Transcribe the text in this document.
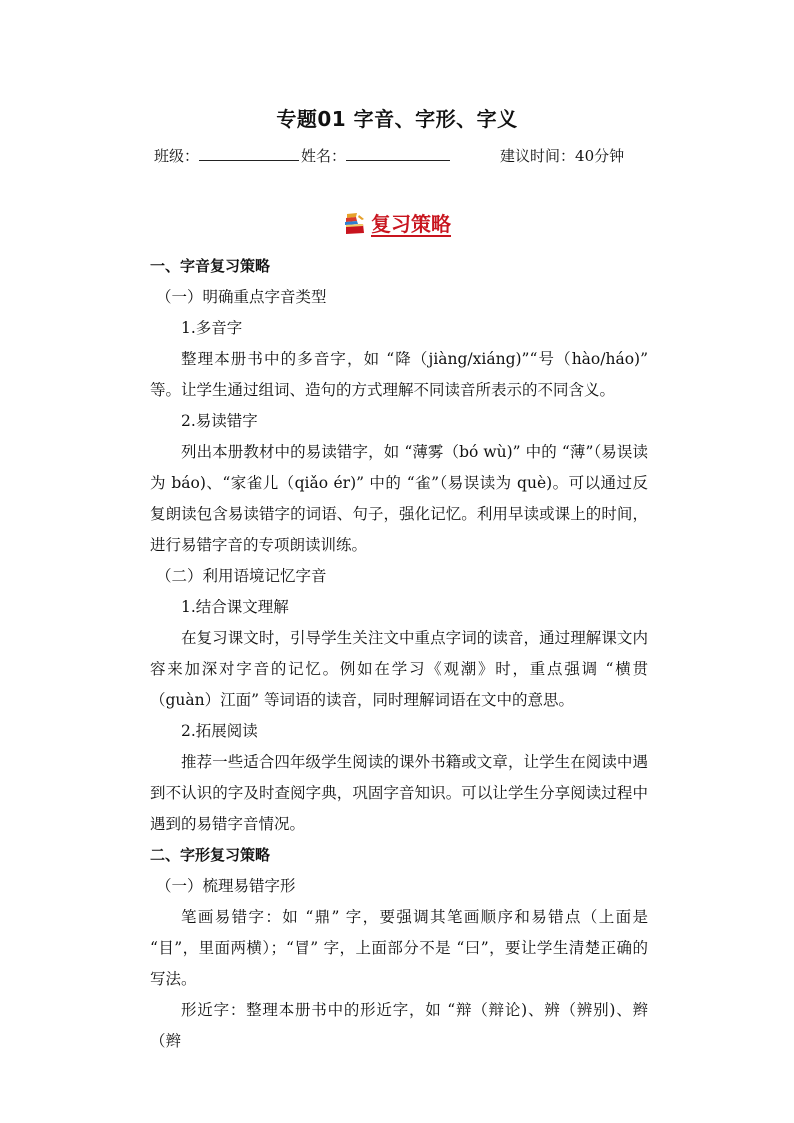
专题01 字音、字形、字义
班级：	姓名：	建议时间：40分钟
复习策略

一、字音复习策略

（一）明确重点字音类型

1.多音字

整理本册书中的多音字，如 “降（jiàng/xiáng)”“号（hào/háo)” 等。让学生通过组词、造句的方式理解不同读音所表示的不同含义。

2.易读错字

列出本册教材中的易读错字，如 “薄雾（bó wù)” 中的 “薄”（易误读为 báo)、“家雀儿（qiǎo ér)” 中的 “雀”（易误读为 què)。可以通过反复朗读包含易读错字的词语、句子，强化记忆。利用早读或课上的时间，进行易错字音的专项朗读训练。

（二）利用语境记忆字音

1.结合课文理解

在复习课文时，引导学生关注文中重点字词的读音，通过理解课文内容来加深对字音的记忆。例如在学习《观潮》时，重点强调 “横贯（guàn）江面” 等词语的读音，同时理解词语在文中的意思。

2.拓展阅读

推荐一些适合四年级学生阅读的课外书籍或文章，让学生在阅读中遇到不认识的字及时查阅字典，巩固字音知识。可以让学生分享阅读过程中遇到的易错字音情况。

二、字形复习策略

（一）梳理易错字形

笔画易错字：如 “鼎” 字，要强调其笔画顺序和易错点（上面是 “目”，里面两横）；“冒” 字，上面部分不是 “曰”，要让学生清楚正确的写法。

形近字：整理本册书中的形近字，如 “辩（辩论)、辨（辨别)、辫（辫
